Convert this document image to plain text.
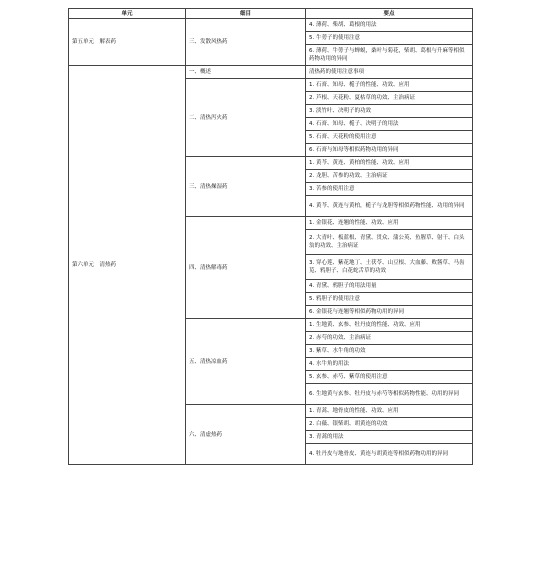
单元	细目	要点
第五单元　解表药	三、发散风热药	4. 薄荷、柴胡、葛根的用法
		5. 牛蒡子的使用注意
		6. 薄荷、牛蒡子与蝉蜕，桑叶与菊花，柴胡、葛根与升麻等相似药物功用的异同
第六单元　清热药	一、概述	清热药的使用注意事项
	二、清热泻火药	1. 石膏、知母、栀子的性能、功效、应用
		2. 芦根、天花粉、夏枯草的功效、主治病证
		3. 淡竹叶、决明子的功效
		4. 石膏、知母、栀子、决明子的用法
		5. 石膏、天花粉的使用注意
		6. 石膏与知母等相似药物功用的异同
	三、清热燥湿药	1. 黄芩、黄连、黄柏的性能、功效、应用
		2. 龙胆、苦参的功效、主治病证
		3. 苦参的使用注意
		4. 黄芩、黄连与黄柏，栀子与龙胆等相似药物性能、功用的异同
	四、清热解毒药	1. 金银花、连翘的性能、功效、应用
		2. 大青叶、板蓝根、青黛、贯众、蒲公英、鱼腥草、射干、白头翁的功效、主治病证
		3. 穿心莲、紫花地丁、土茯苓、山豆根、大血藤、败酱草、马齿苋、鸦胆子、白花蛇舌草的功效
		4. 青黛、鸦胆子的用法用量
		5. 鸦胆子的使用注意
		6. 金银花与连翘等相似药物功用的异同
	五、清热凉血药	1. 生地黄、玄参、牡丹皮的性能、功效、应用
		2. 赤芍的功效、主治病证
		3. 紫草、水牛角的功效
		4. 水牛角的用法
		5. 玄参、赤芍、紫草的使用注意
		6. 生地黄与玄参、牡丹皮与赤芍等相似药物性能、功用的异同
	六、清虚热药	1. 青蒿、地骨皮的性能、功效、应用
		2. 白薇、银柴胡、胡黄连的功效
		3. 青蒿的用法
		4. 牡丹皮与地骨皮、黄连与胡黄连等相似药物功用的异同
